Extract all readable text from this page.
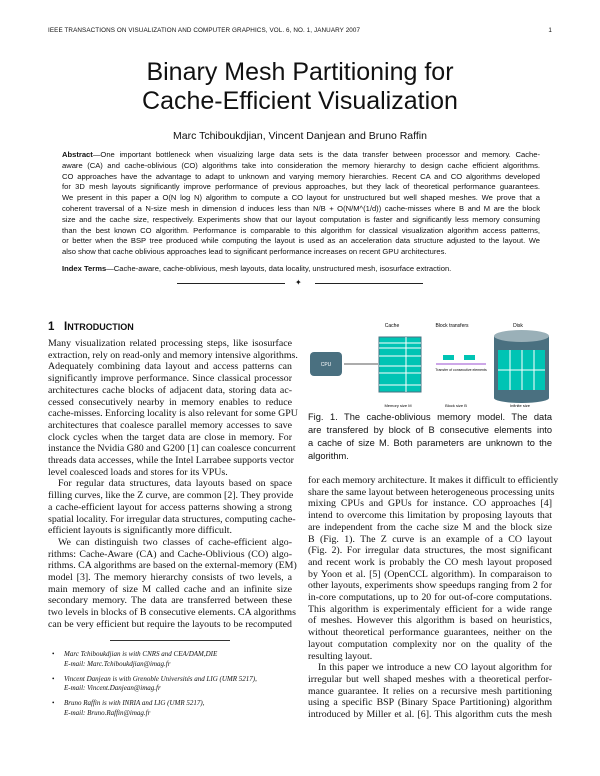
IEEE TRANSACTIONS ON VISUALIZATION AND COMPUTER GRAPHICS, VOL. 6, NO. 1, JANUARY 2007	1
Binary Mesh Partitioning for
Cache-Efficient Visualization
Marc Tchiboukdjian, Vincent Danjean and Bruno Raffin
Abstract—One important bottleneck when visualizing large data sets is the data transfer between processor and memory. Cache-
aware (CA) and cache-oblivious (CO) algorithms take into consideration the memory hierarchy to design cache efficient algorithms.
CO approaches have the advantage to adapt to unknown and varying memory hierarchies. Recent CA and CO algorithms developed
for 3D mesh layouts significantly improve performance of previous approaches, but they lack of theoretical performance guarantees.
We present in this paper a O(N log N) algorithm to compute a CO layout for unstructured but well shaped meshes. We prove that a
coherent traversal of a N-size mesh in dimension d induces less than N/B + O(N/M^(1/d)) cache-misses where B and M are the block
size and the cache size, respectively. Experiments show that our layout computation is faster and significantly less memory consuming
than the best known CO algorithm. Performance is comparable to this algorithm for classical visualization algorithm access patterns,
or better when the BSP tree produced while computing the layout is used as an acceleration data structure adjusted to the layout. We
also show that cache oblivious approaches lead to significant performance increases on recent GPU architectures.
Index Terms—Cache-aware, cache-oblivious, mesh layouts, data locality, unstructured mesh, isosurface extraction.
✦
1 INTRODUCTION
Many visualization related processing steps, like isosurface
extraction, rely on read-only and memory intensive algorithms.
Adequately combining data layout and access patterns can
significantly improve performance. Since classical processor
architectures cache blocks of adjacent data, storing data ac-
cessed consecutively nearby in memory enables to reduce
cache-misses. Enforcing locality is also relevant for some GPU
architectures that coalesce parallel memory accesses to save
clock cycles when the target data are close in memory. For
instance the Nvidia G80 and G200 [1] can coalesce concurrent
threads data accesses, while the Intel Larrabee supports vector
level coalesced loads and stores for its VPUs.
For regular data structures, data layouts based on space
filling curves, like the Z curve, are common [2]. They provide
a cache-efficient layout for access patterns showing a strong
spatial locality. For irregular data structures, computing cache-
efficient layouts is significantly more difficult.
We can distinguish two classes of cache-efficient algo-
rithms: Cache-Aware (CA) and Cache-Oblivious (CO) algo-
rithms. CA algorithms are based on the external-memory (EM)
model [3]. The memory hierarchy consists of two levels, a
main memory of size M called cache and an infinite size
secondary memory. The data are transferred between these
two levels in blocks of B consecutive elements. CA algorithms
can be very efficient but require the layouts to be recomputed
• Marc Tchiboukdjian is with CNRS and CEA/DAM,DIE
E-mail: Marc.Tchiboukdjian@imag.fr
• Vincent Danjean is with Grenoble Universités and LIG (UMR 5217),
E-mail: Vincent.Danjean@imag.fr
• Bruno Raffin is with INRIA and LIG (UMR 5217),
E-mail: Bruno.Raffin@imag.fr
Cache	Block transfers	Disk
CPU
Transfer of consecutive elements
Memory size M	Block size B	Infinite size
Fig. 1. The cache-oblivious memory model. The data
are transfered by block of B consecutive elements into
a cache of size M. Both parameters are unknown to the
algorithm.
for each memory architecture. It makes it difficult to efficiently
share the same layout between heterogeneous processing units
mixing CPUs and GPUs for instance. CO approaches [4]
intend to overcome this limitation by proposing layouts that
are independent from the cache size M and the block size
B (Fig. 1). The Z curve is an example of a CO layout
(Fig. 2). For irregular data structures, the most significant
and recent work is probably the CO mesh layout proposed
by Yoon et al. [5] (OpenCCL algorithm). In comparaison to
other layouts, experiments show speedups ranging from 2 for
in-core computations, up to 20 for out-of-core computations.
This algorithm is experimentaly efficient for a wide range
of meshes. However this algorithm is based on heuristics,
without theoretical performance guarantees, neither on the
layout computation complexity nor on the quality of the
resulting layout.
In this paper we introduce a new CO layout algorithm for
irregular but well shaped meshes with a theoretical perfor-
mance guarantee. It relies on a recursive mesh partitioning
using a specific BSP (Binary Space Partitioning) algorithm
introduced by Miller et al. [6]. This algorithm cuts the mesh
